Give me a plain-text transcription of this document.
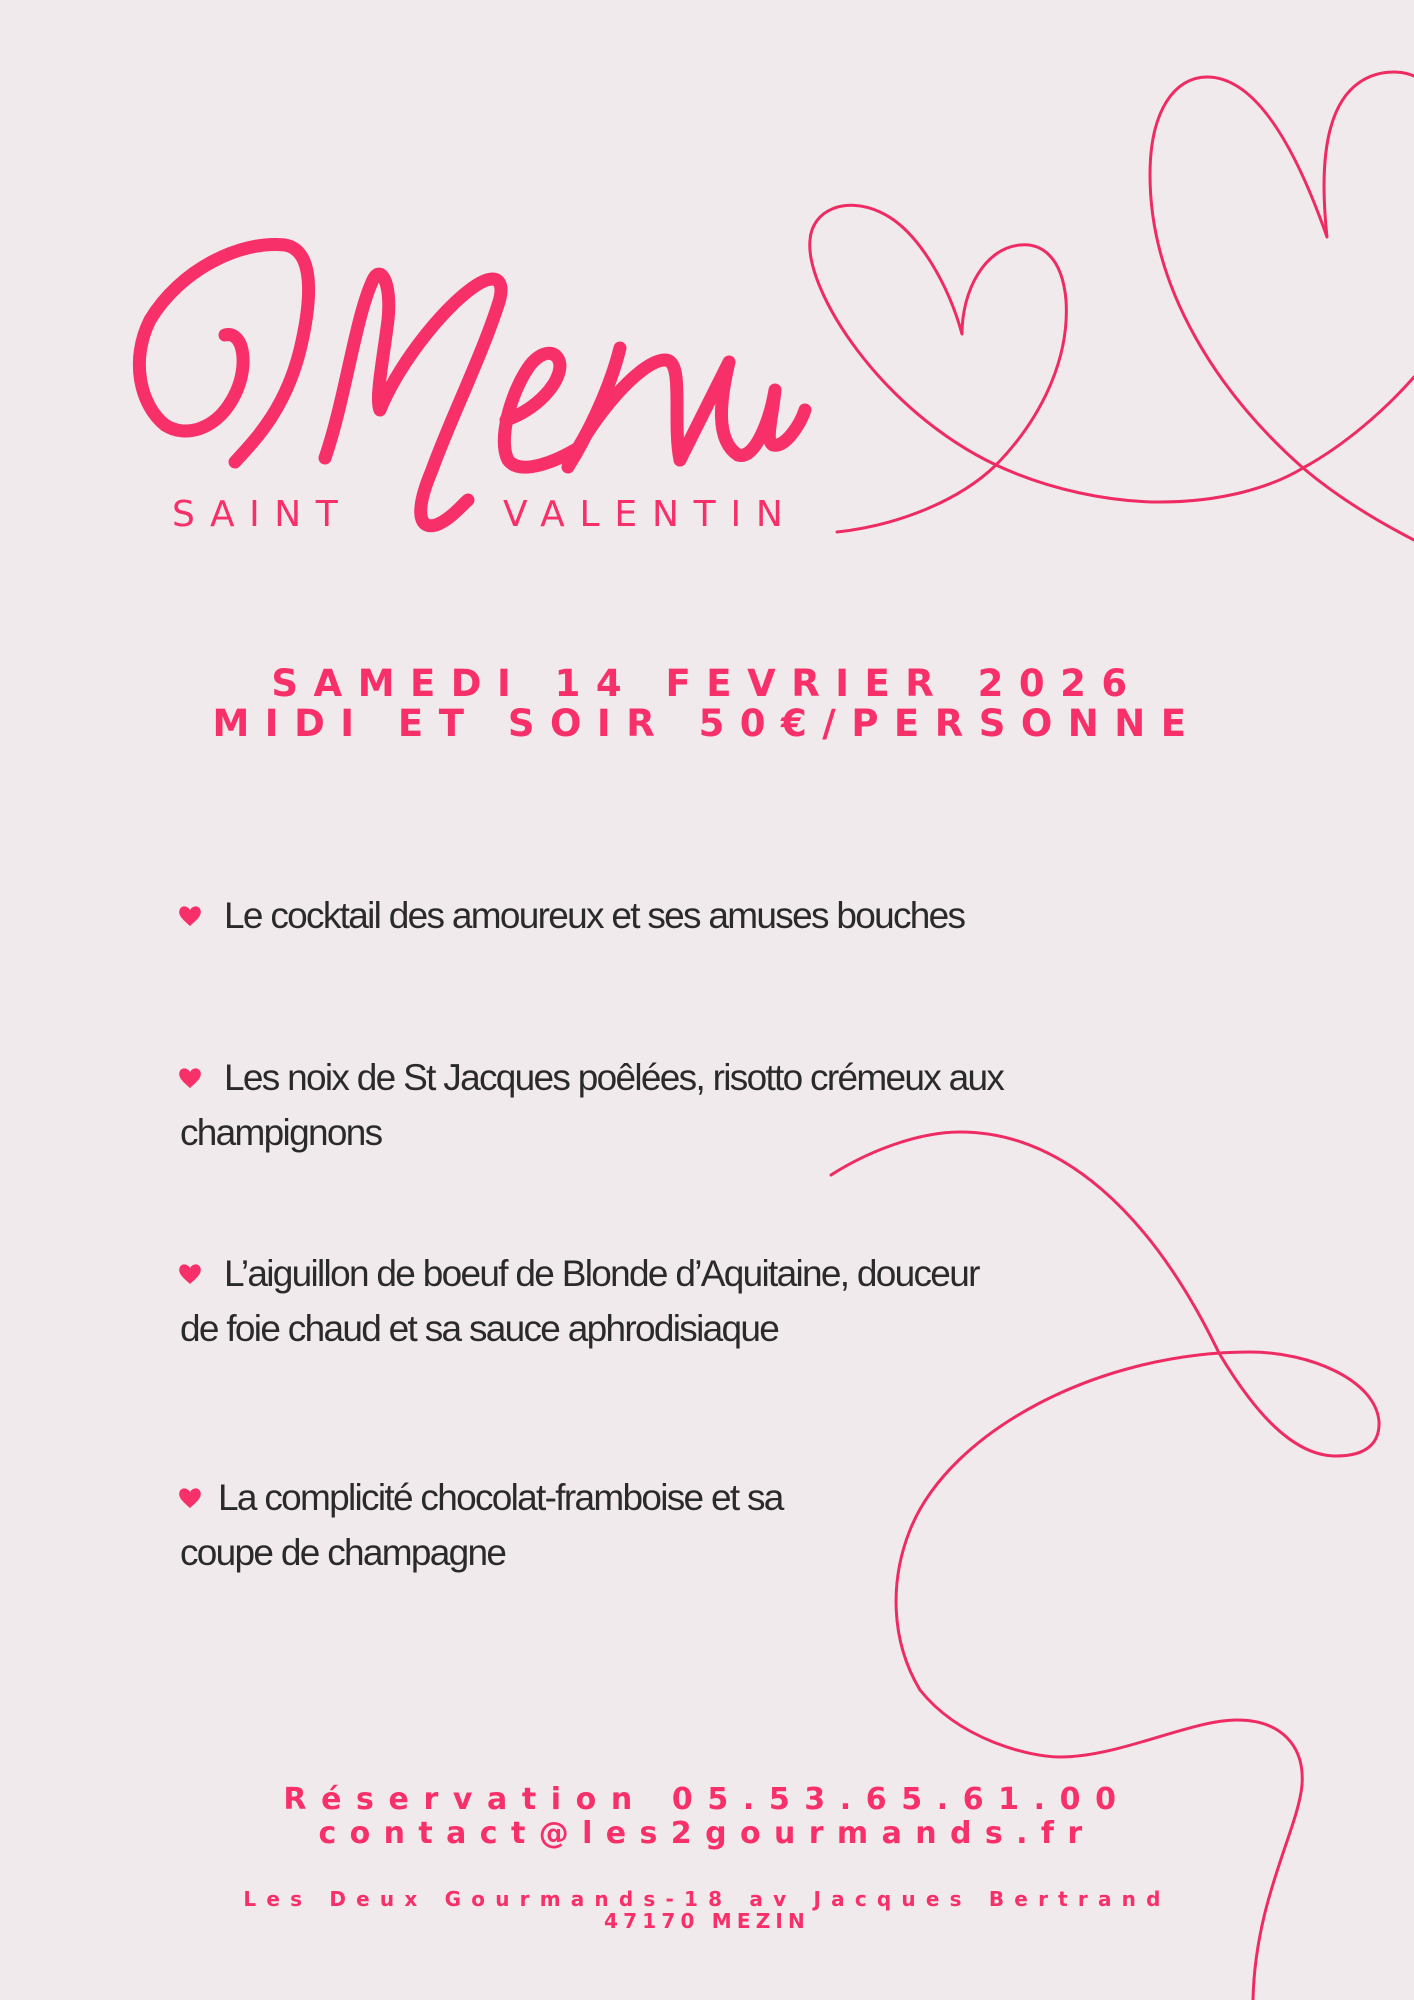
SAINT	VALENTIN
SAMEDI 14 FEVRIER 2026
MIDI ET SOIR 50€/PERSONNE
Le cocktail des amoureux et ses amuses bouches
Les noix de St Jacques poêlées, risotto crémeux aux
champignons
L’aiguillon de boeuf de Blonde d’Aquitaine, douceur
de foie chaud et sa sauce aphrodisiaque
La complicité chocolat-framboise et sa
coupe de champagne
Réservation 05.53.65.61.00
contact@les2gourmands.fr
Les Deux Gourmands-18 av Jacques Bertrand
47170 MEZIN
